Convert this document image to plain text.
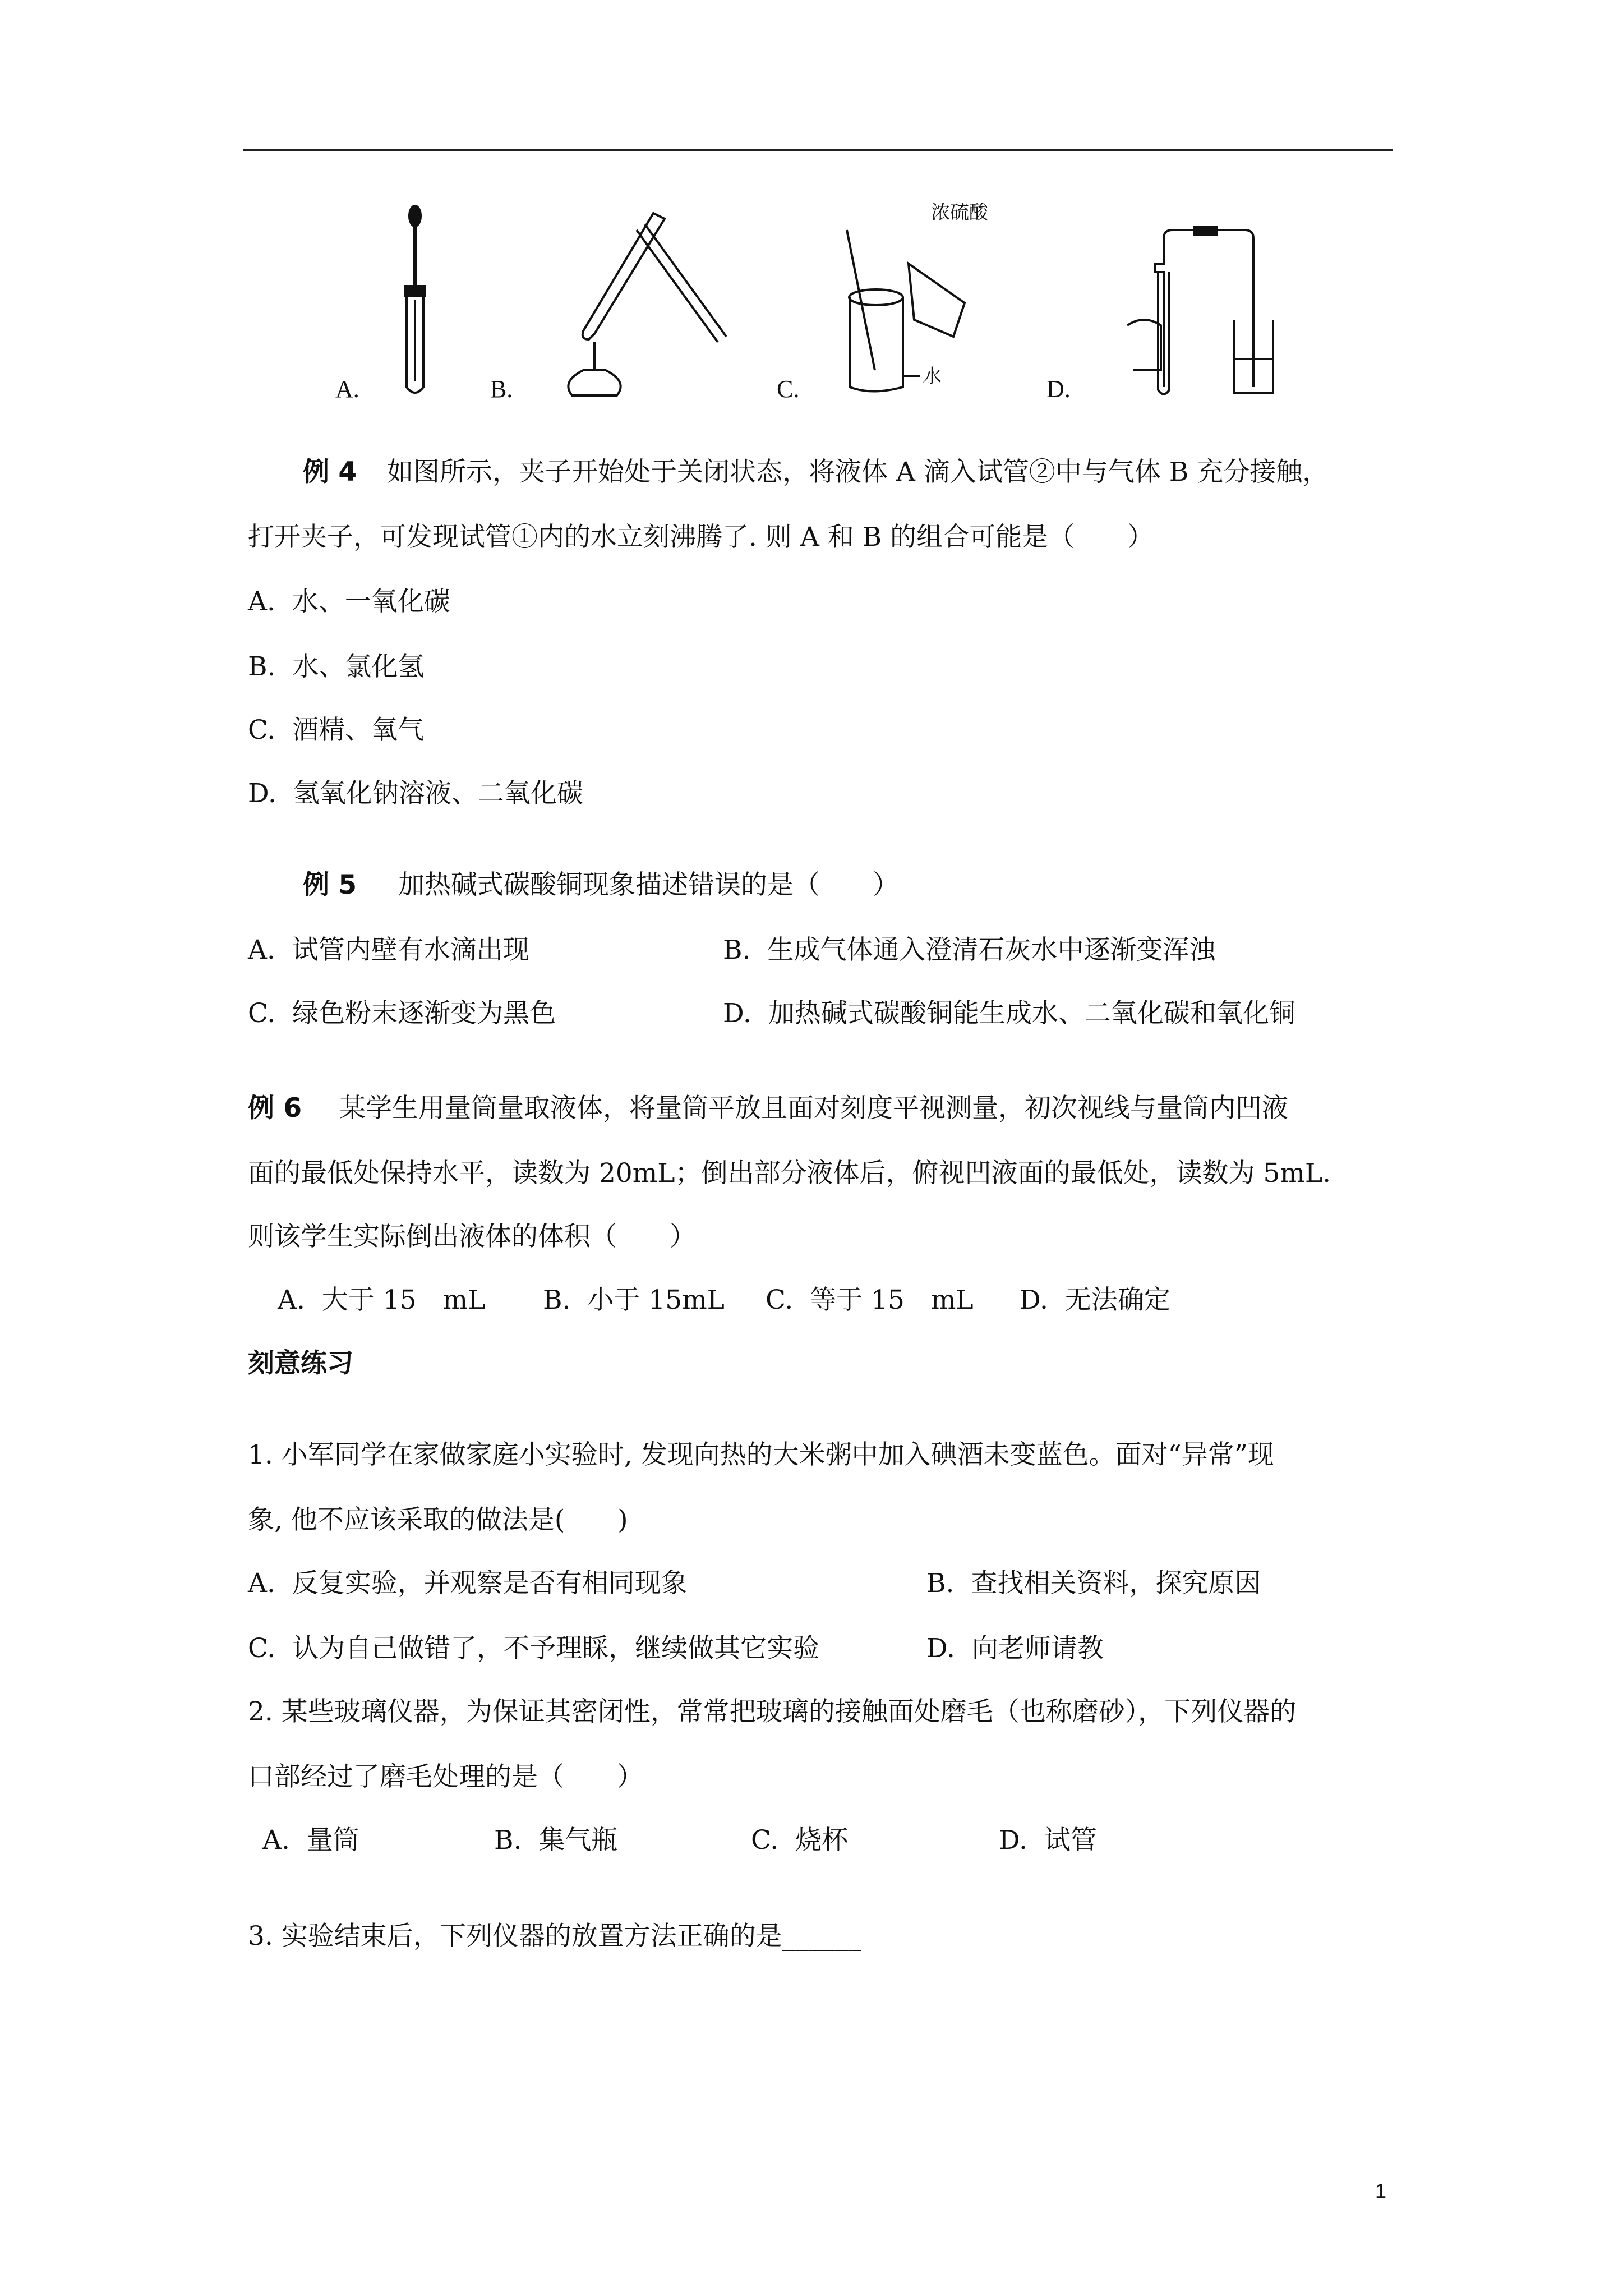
浓硫酸
水
A.	B.	C.	D.
例 4 如图所示，夹子开始处于关闭状态，将液体 A 滴入试管②中与气体 B 充分接触，
打开夹子，可发现试管①内的水立刻沸腾了. 则 A 和 B 的组合可能是（　　）
A.  水、一氧化碳
B.  水、氯化氢
C.  酒精、氧气
D.  氢氧化钠溶液、二氧化碳
例 5 加热碱式碳酸铜现象描述错误的是（　　）
A.  试管内壁有水滴出现	B.  生成气体通入澄清石灰水中逐渐变浑浊
C.  绿色粉末逐渐变为黑色	D.  加热碱式碳酸铜能生成水、二氧化碳和氧化铜
例 6 某学生用量筒量取液体，将量筒平放且面对刻度平视测量，初次视线与量筒内凹液
面的最低处保持水平，读数为 20mL；倒出部分液体后，俯视凹液面的最低处，读数为 5mL.
则该学生实际倒出液体的体积（　　）
A.  大于 15　mL B.  小于 15mL C.  等于 15　mL D.  无法确定
刻意练习
1. 小军同学在家做家庭小实验时, 发现向热的大米粥中加入碘酒未变蓝色。面对“异常”现
象, 他不应该采取的做法是(　　)
A.  反复实验，并观察是否有相同现象	B.  查找相关资料，探究原因
C.  认为自己做错了，不予理睬，继续做其它实验	D.  向老师请教
2. 某些玻璃仪器，为保证其密闭性，常常把玻璃的接触面处磨毛（也称磨砂），下列仪器的
口部经过了磨毛处理的是（　　）
A.  量筒	B.  集气瓶	C.  烧杯	D.  试管
3. 实验结束后，下列仪器的放置方法正确的是______
1
